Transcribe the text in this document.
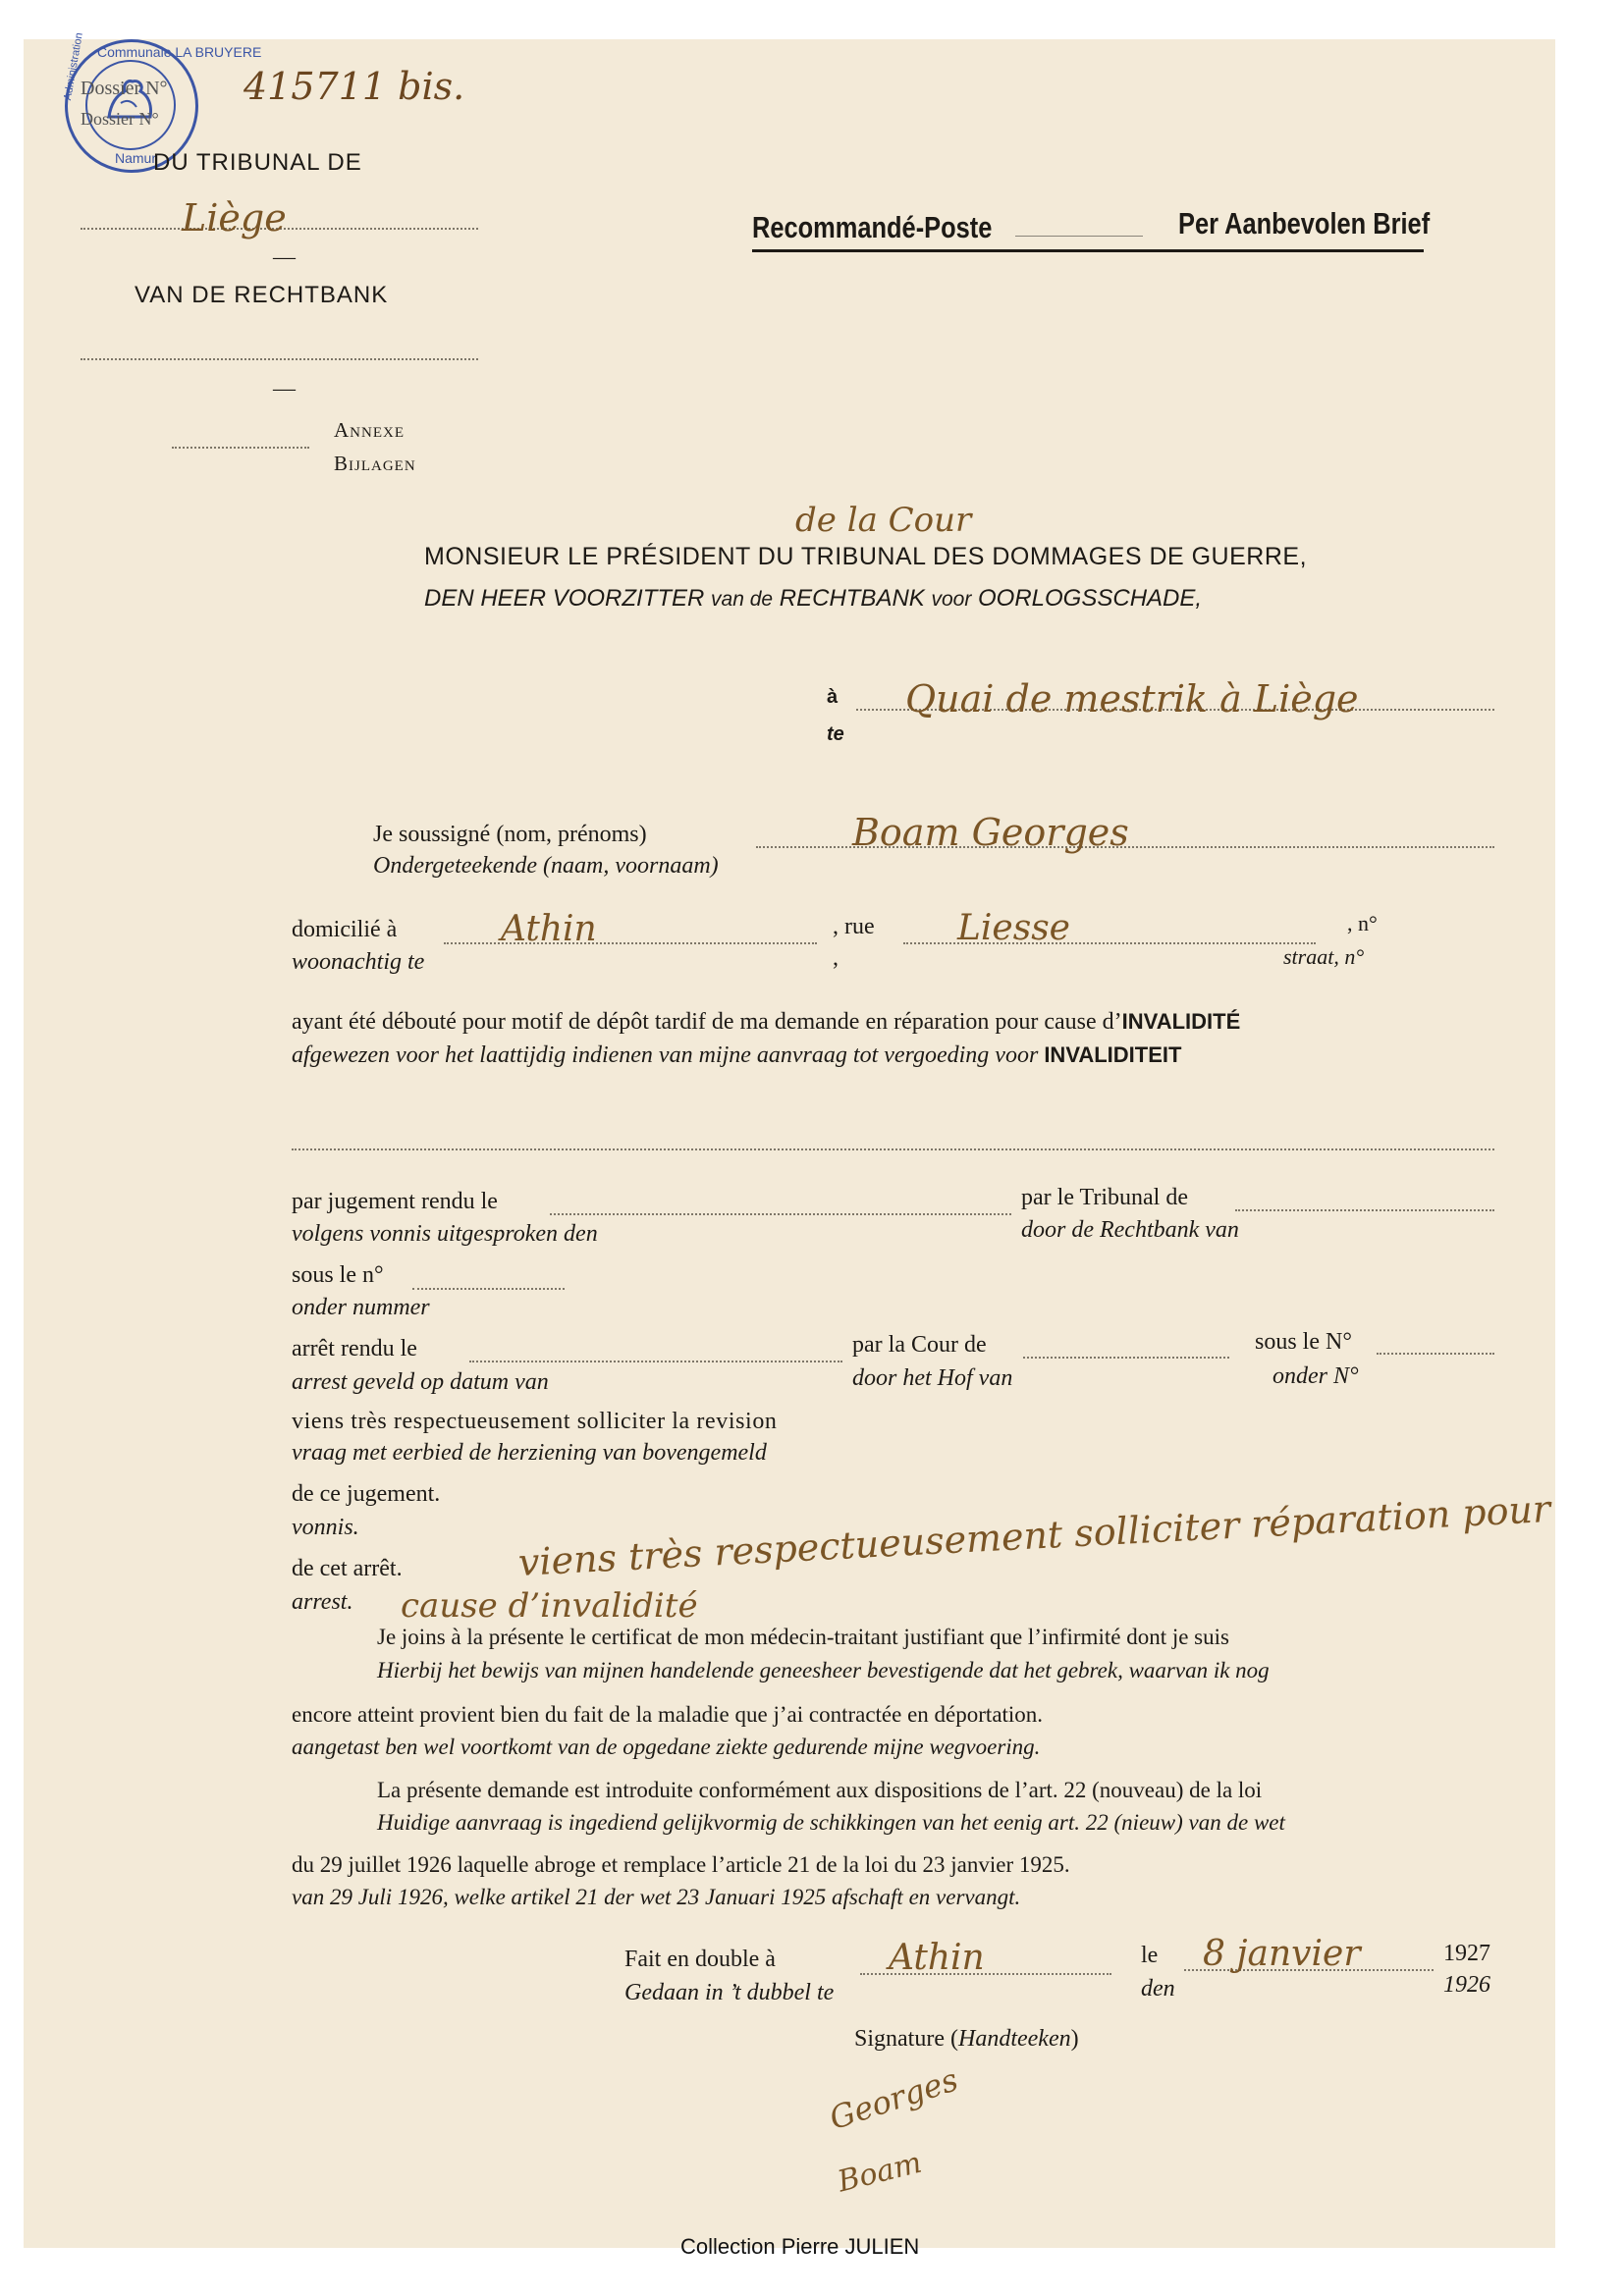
Communale LA BRUYERE
Administration
Namur
Dossier N° 415711 bis.
Dossier N°
DU TRIBUNAL DE
Liège
—
VAN DE RECHTBANK
—
Annexe
Bijlagen
Recommandé-Poste	Per Aanbevolen Brief
de la Cour
MONSIEUR LE PRÉSIDENT DU TRIBUNAL DES DOMMAGES DE GUERRE,
DEN HEER VOORZITTER van de RECHTBANK voor OORLOGSSCHADE,
à
te
Quai de mestrik à Liège
Je soussigné (nom, prénoms)
Ondergeteekende (naam, voornaam)
Boam Georges
domicilié à
woonachtig te
Athin	, rue
,
Liesse	, n°
straat, n°
ayant été débouté pour motif de dépôt tardif de ma demande en réparation pour cause d’INVALIDITÉ
afgewezen voor het laattijdig indienen van mijne aanvraag tot vergoeding voor INVALIDITEIT
par jugement rendu le
volgens vonnis uitgesproken den
par le Tribunal de
door de Rechtbank van
sous le n°
onder nummer
arrêt rendu le
arrest geveld op datum van
par la Cour de
door het Hof van
sous le N°
onder N°
viens très respectueusement solliciter la revision
vraag met eerbied de herziening van bovengemeld
de ce jugement.
vonnis.
de cet arrêt.
arrest.
viens très respectueusement solliciter réparation pour
cause d’invalidité
Je joins à la présente le certificat de mon médecin-traitant justifiant que l’infirmité dont je suis
Hierbij het bewijs van mijnen handelende geneesheer bevestigende dat het gebrek, waarvan ik nog
encore atteint provient bien du fait de la maladie que j’ai contractée en déportation.
aangetast ben wel voortkomt van de opgedane ziekte gedurende mijne wegvoering.
La présente demande est introduite conformément aux dispositions de l’art. 22 (nouveau) de la loi
Huidige aanvraag is ingediend gelijkvormig de schikkingen van het eenig art. 22 (nieuw) van de wet
du 29 juillet 1926 laquelle abroge et remplace l’article 21 de la loi du 23 janvier 1925.
van 29 Juli 1926, welke artikel 21 der wet 23 Januari 1925 afschaft en vervangt.
Fait en double à
Gedaan in ’t dubbel te
Athin	le
den
8 janvier	1927
1926
Signature (Handteeken)
Georges
Boam
Collection Pierre JULIEN
